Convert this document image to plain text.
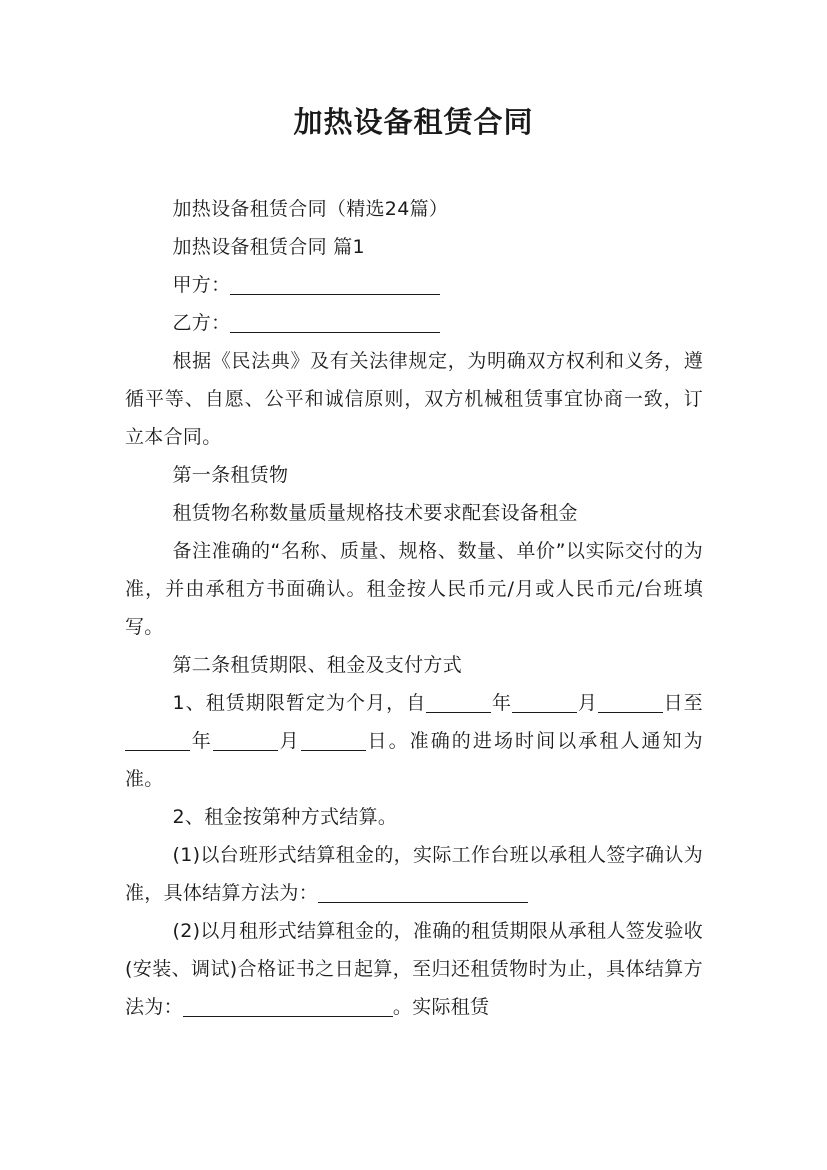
加热设备租赁合同

加热设备租赁合同（精选24篇）

加热设备租赁合同 篇1

甲方：

乙方：

根据《民法典》及有关法律规定，为明确双方权利和义务，遵循平等、自愿、公平和诚信原则，双方机械租赁事宜协商一致，订立本合同。

第一条租赁物

租赁物名称数量质量规格技术要求配套设备租金

备注准确的“名称、质量、规格、数量、单价”以实际交付的为准，并由承租方书面确认。租金按人民币元/月或人民币元/台班填写。

第二条租赁期限、租金及支付方式

1、租赁期限暂定为个月，自	年	月	日至年	月	日。准确的进场时间以承租人通知为准。

2、租金按第种方式结算。

(1)以台班形式结算租金的，实际工作台班以承租人签字确认为准，具体结算方法为：

(2)以月租形式结算租金的，准确的租赁期限从承租人签发验收(安装、调试)合格证书之日起算，至归还租赁物时为止，具体结算方法为：	。实际租赁
